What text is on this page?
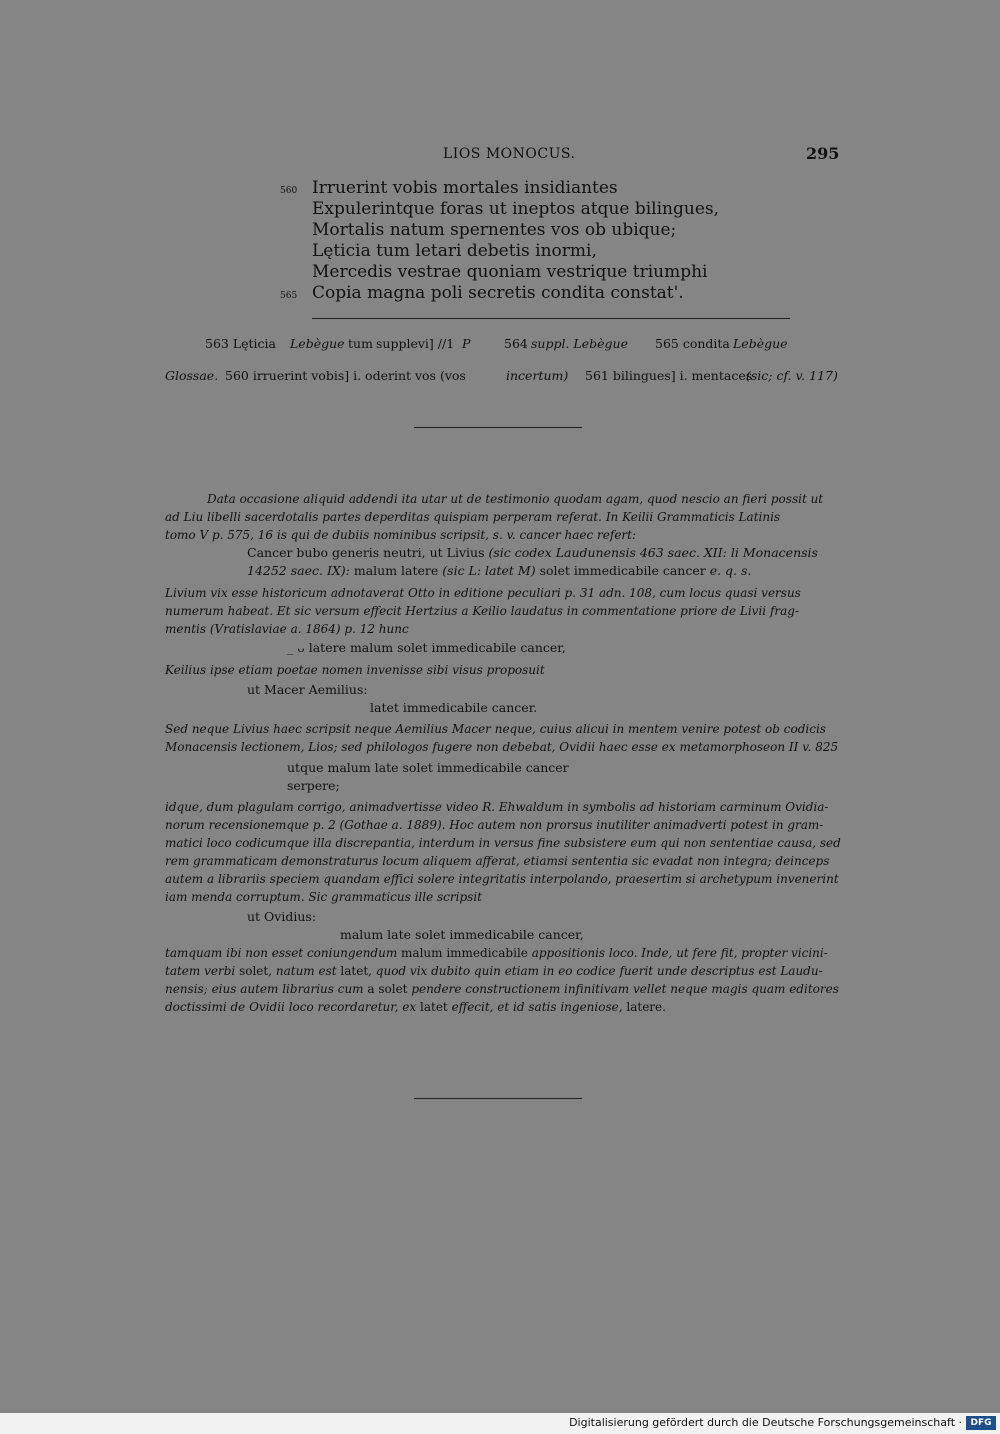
LIOS MONOCUS.	295
560 Irruerint vobis mortales insidiantes
Expulerintque foras ut ineptos atque bilingues,
Mortalis natum spernentes vos ob ubique;
Lęticia tum letari debetis inormi,
Mercedis vestrae quoniam vestrique triumphi
565 Copia magna poli secretis condita constat'.
563 Lęticia Lebègue tum supplevi] //1 P	564 suppl. Lebègue 565 condita Lebègue
Glossae. 560 irruerint vobis] i. oderint vos (vos	incertum) 561 bilingues] i. mentaces
(sic; cf. v. 117)
Data occasione aliquid addendi ita utar ut de testimonio quodam agam, quod nescio an fieri possit ut
ad Liu libelli sacerdotalis partes deperditas quispiam perperam referat. In Keilii Grammaticis Latinis
tomo V p. 575, 16 is qui de dubiis nominibus scripsit, s. v. cancer haec refert:
Cancer bubo generis neutri, ut Livius (sic codex Laudunensis 463 saec. XII: li Monacensis
14252 saec. IX): malum latere (sic L: latet M) solet immedicabile cancer e. q. s.
Livium vix esse historicum adnotaverat Otto in editione peculiari p. 31 adn. 108, cum locus quasi versus
numerum habeat. Et sic versum effecit Hertzius a Keilio laudatus in commentatione priore de Livii frag-
mentis (Vratislaviae a. 1864) p. 12 hunc
_ ᴗ latere malum solet immedicabile cancer,
Keilius ipse etiam poetae nomen invenisse sibi visus proposuit
ut Macer Aemilius:
latet immedicabile cancer.
Sed neque Livius haec scripsit neque Aemilius Macer neque, cuius alicui in mentem venire potest ob codicis
Monacensis lectionem, Lios; sed philologos fugere non debebat, Ovidii haec esse ex metamorphoseon II v. 825
utque malum late solet immedicabile cancer
serpere;
idque, dum plagulam corrigo, animadvertisse video R. Ehwaldum in symbolis ad historiam carminum Ovidia-
norum recensionemque p. 2 (Gothae a. 1889). Hoc autem non prorsus inutiliter animadverti potest in gram-
matici loco codicumque illa discrepantia, interdum in versus fine subsistere eum qui non sententiae causa, sed
rem grammaticam demonstraturus locum aliquem afferat, etiamsi sententia sic evadat non integra; deinceps
autem a librariis speciem quandam effici solere integritatis interpolando, praesertim si archetypum invenerint
iam menda corruptum. Sic grammaticus ille scripsit
ut Ovidius:
malum late solet immedicabile cancer,
tamquam ibi non esset coniungendum malum immedicabile appositionis loco. Inde, ut fere fit, propter vicini-
tatem verbi solet, natum est latet, quod vix dubito quin etiam in eo codice fuerit unde descriptus est Laudu-
nensis; eius autem librarius cum a solet pendere constructionem infinitivam vellet neque magis quam editores
doctissimi de Ovidii loco recordaretur, ex latet effecit, et id satis ingeniose, latere.
Digitalisierung gefördert durch die Deutsche Forschungsgemeinschaft · DFG
